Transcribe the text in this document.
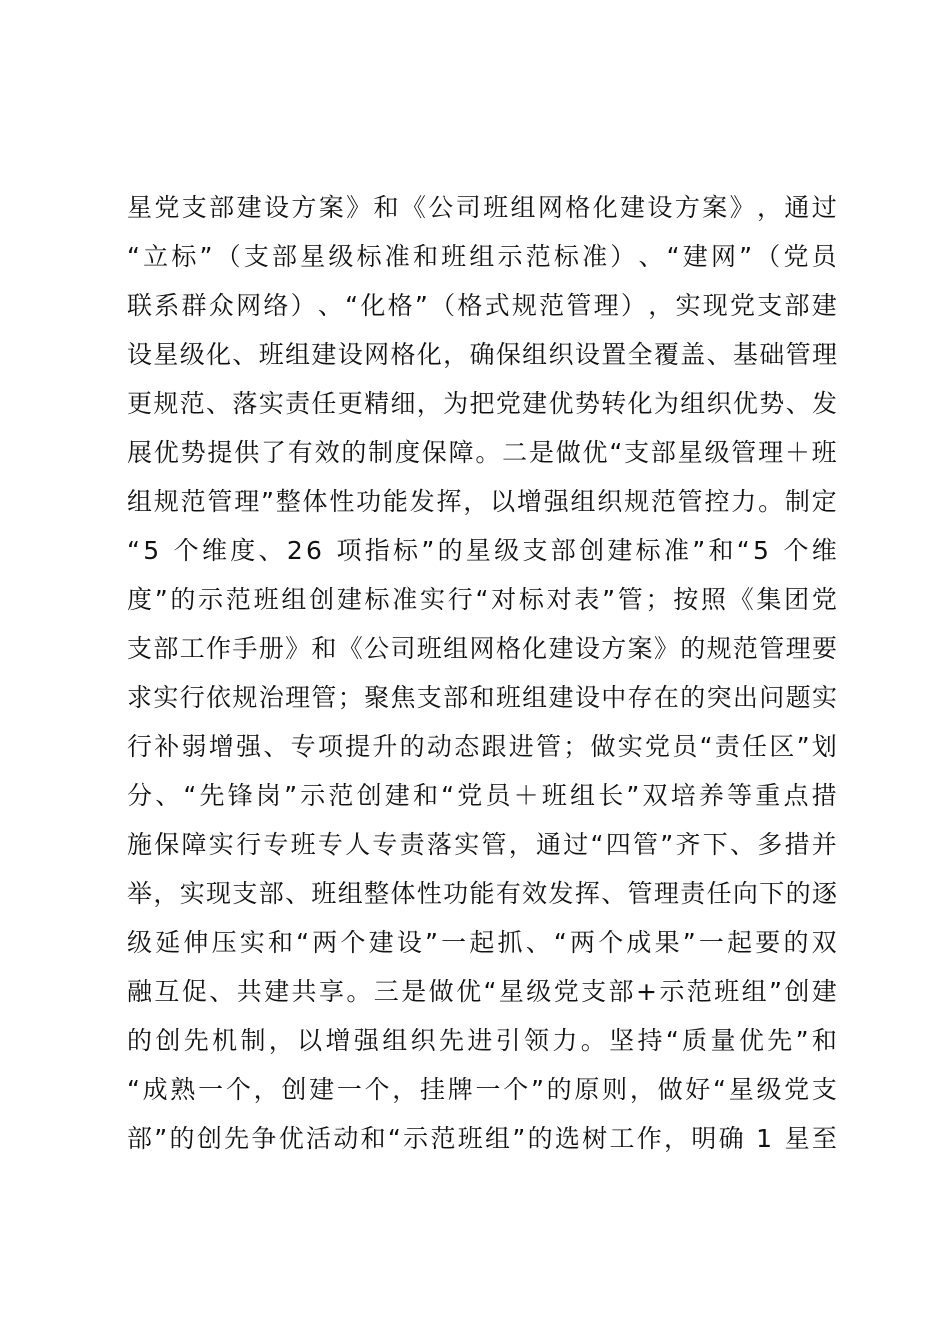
星 党 支 部 建 设 方 案 》 和 《 公 司 班 组 网 格 化 建 设 方 案 》 ， 通 过
“ 立 标 ” （ 支 部 星 级 标 准 和 班 组 示 范 标 准 ） 、 “ 建 网 ” （ 党 员
联 系 群 众 网 络 ） 、 “ 化 格 ” （ 格 式 规 范 管 理 ） ， 实 现 党 支 部 建
设 星 级 化 、 班 组 建 设 网 格 化 ， 确 保 组 织 设 置 全 覆 盖 、 基 础 管 理
更 规 范 、 落 实 责 任 更 精 细 ， 为 把 党 建 优 势 转 化 为 组 织 优 势 、 发
展 优 势 提 供 了 有 效 的 制 度 保 障 。 二 是 做 优 “ 支 部 星 级 管 理 ＋ 班
组 规 范 管 理 ” 整 体 性 功 能 发 挥 ， 以 增 强 组 织 规 范 管 控 力 。 制 定
“ 5
个 维 度 、 2 6
项 指 标 ” 的 星 级 支 部 创 建 标 准 ” 和 “ 5
个 维
度 ” 的 示 范 班 组 创 建 标 准 实 行 “ 对 标 对 表 ” 管 ； 按 照 《 集 团 党
支 部 工 作 手 册 》 和 《 公 司 班 组 网 格 化 建 设 方 案 》 的 规 范 管 理 要
求 实 行 依 规 治 理 管 ； 聚 焦 支 部 和 班 组 建 设 中 存 在 的 突 出 问 题 实
行 补 弱 增 强 、 专 项 提 升 的 动 态 跟 进 管 ； 做 实 党 员 “ 责 任 区 ” 划
分 、 “ 先 锋 岗 ” 示 范 创 建 和 “ 党 员 ＋ 班 组 长 ” 双 培 养 等 重 点 措
施 保 障 实 行 专 班 专 人 专 责 落 实 管 ， 通 过 “ 四 管 ” 齐 下 、 多 措 并
举 ， 实 现 支 部 、 班 组 整 体 性 功 能 有 效 发 挥 、 管 理 责 任 向 下 的 逐
级 延 伸 压 实 和 “ 两 个 建 设 ” 一 起 抓 、 “ 两 个 成 果 ” 一 起 要 的 双
融 互 促 、 共 建 共 享 。 三 是 做 优 “ 星 级 党 支 部 + 示 范 班 组 ” 创 建
的 创 先 机 制 ， 以 增 强 组 织 先 进 引 领 力 。 坚 持 “ 质 量 优 先 ” 和
“ 成 熟 一 个 ， 创 建 一 个 ， 挂 牌 一 个 ” 的 原 则 ， 做 好 “ 星 级 党 支
部 ” 的 创 先 争 优 活 动 和 “ 示 范 班 组 ” 的 选 树 工 作 ， 明 确
1
星 至
